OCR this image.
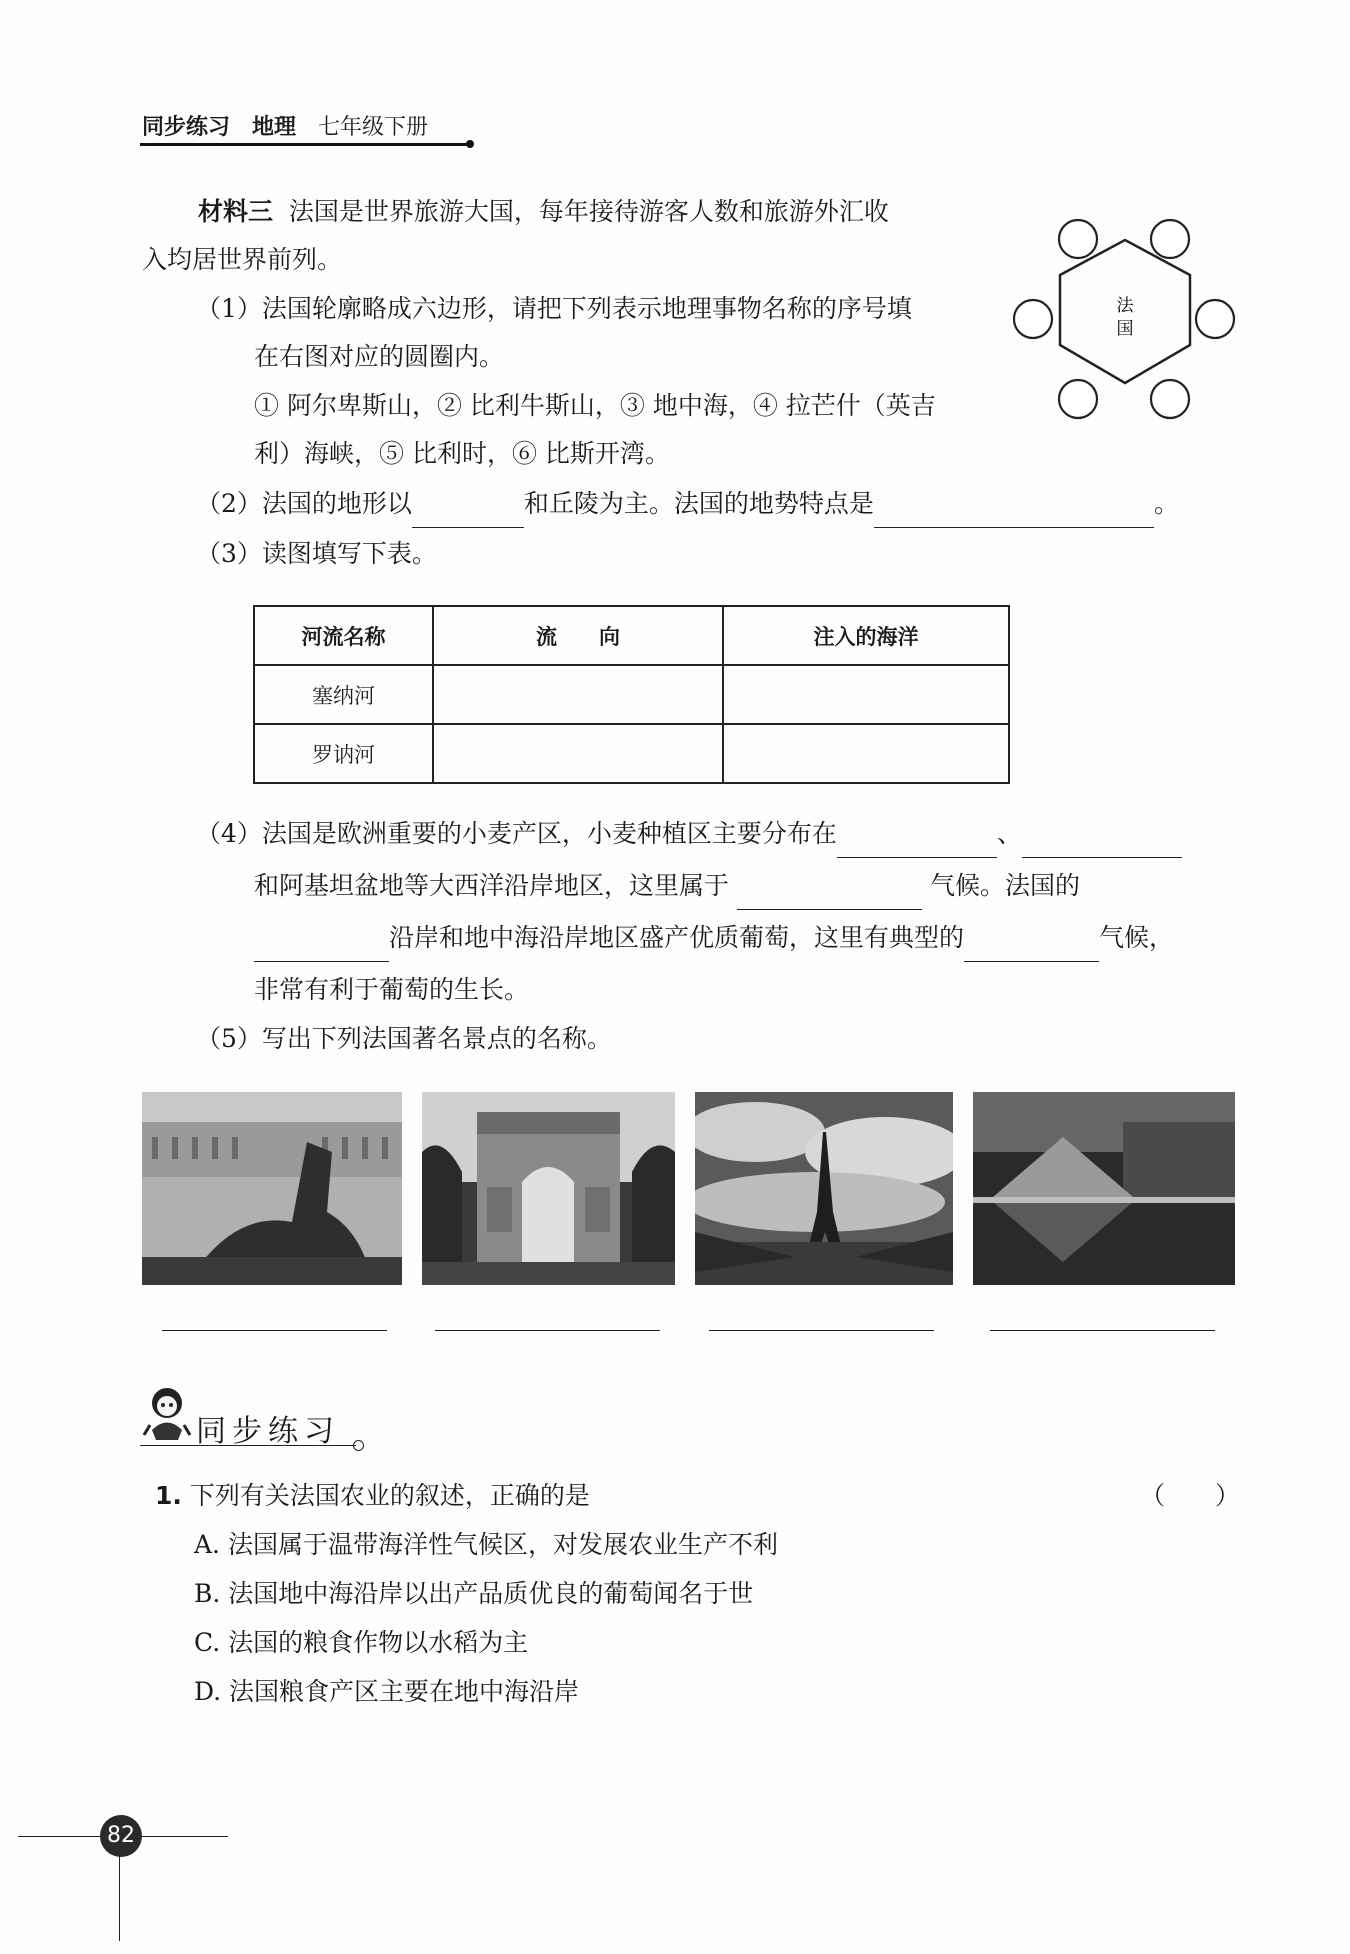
同步练习 地理 七年级下册
材料三 法国是世界旅游大国，每年接待游客人数和旅游外汇收
入均居世界前列。
（1）法国轮廓略成六边形，请把下列表示地理事物名称的序号填
在右图对应的圆圈内。
① 阿尔卑斯山，② 比利牛斯山，③ 地中海，④ 拉芒什（英吉
利）海峡，⑤ 比利时，⑥ 比斯开湾。
法
国
（2）法国的地形以	和丘陵为主。法国的地势特点是	。
（3）读图填写下表。
河流名称	流　　向	注入的海洋
塞纳河		
罗讷河		
（4）法国是欧洲重要的小麦产区，小麦种植区主要分布在	、
和阿基坦盆地等大西洋沿岸地区，这里属于	气候。法国的
沿岸和地中海沿岸地区盛产优质葡萄，这里有典型的	气候，
非常有利于葡萄的生长。
（5）写出下列法国著名景点的名称。
同步练习
1. 下列有关法国农业的叙述，正确的是	（　　）
A. 法国属于温带海洋性气候区，对发展农业生产不利
B. 法国地中海沿岸以出产品质优良的葡萄闻名于世
C. 法国的粮食作物以水稻为主
D. 法国粮食产区主要在地中海沿岸
82
